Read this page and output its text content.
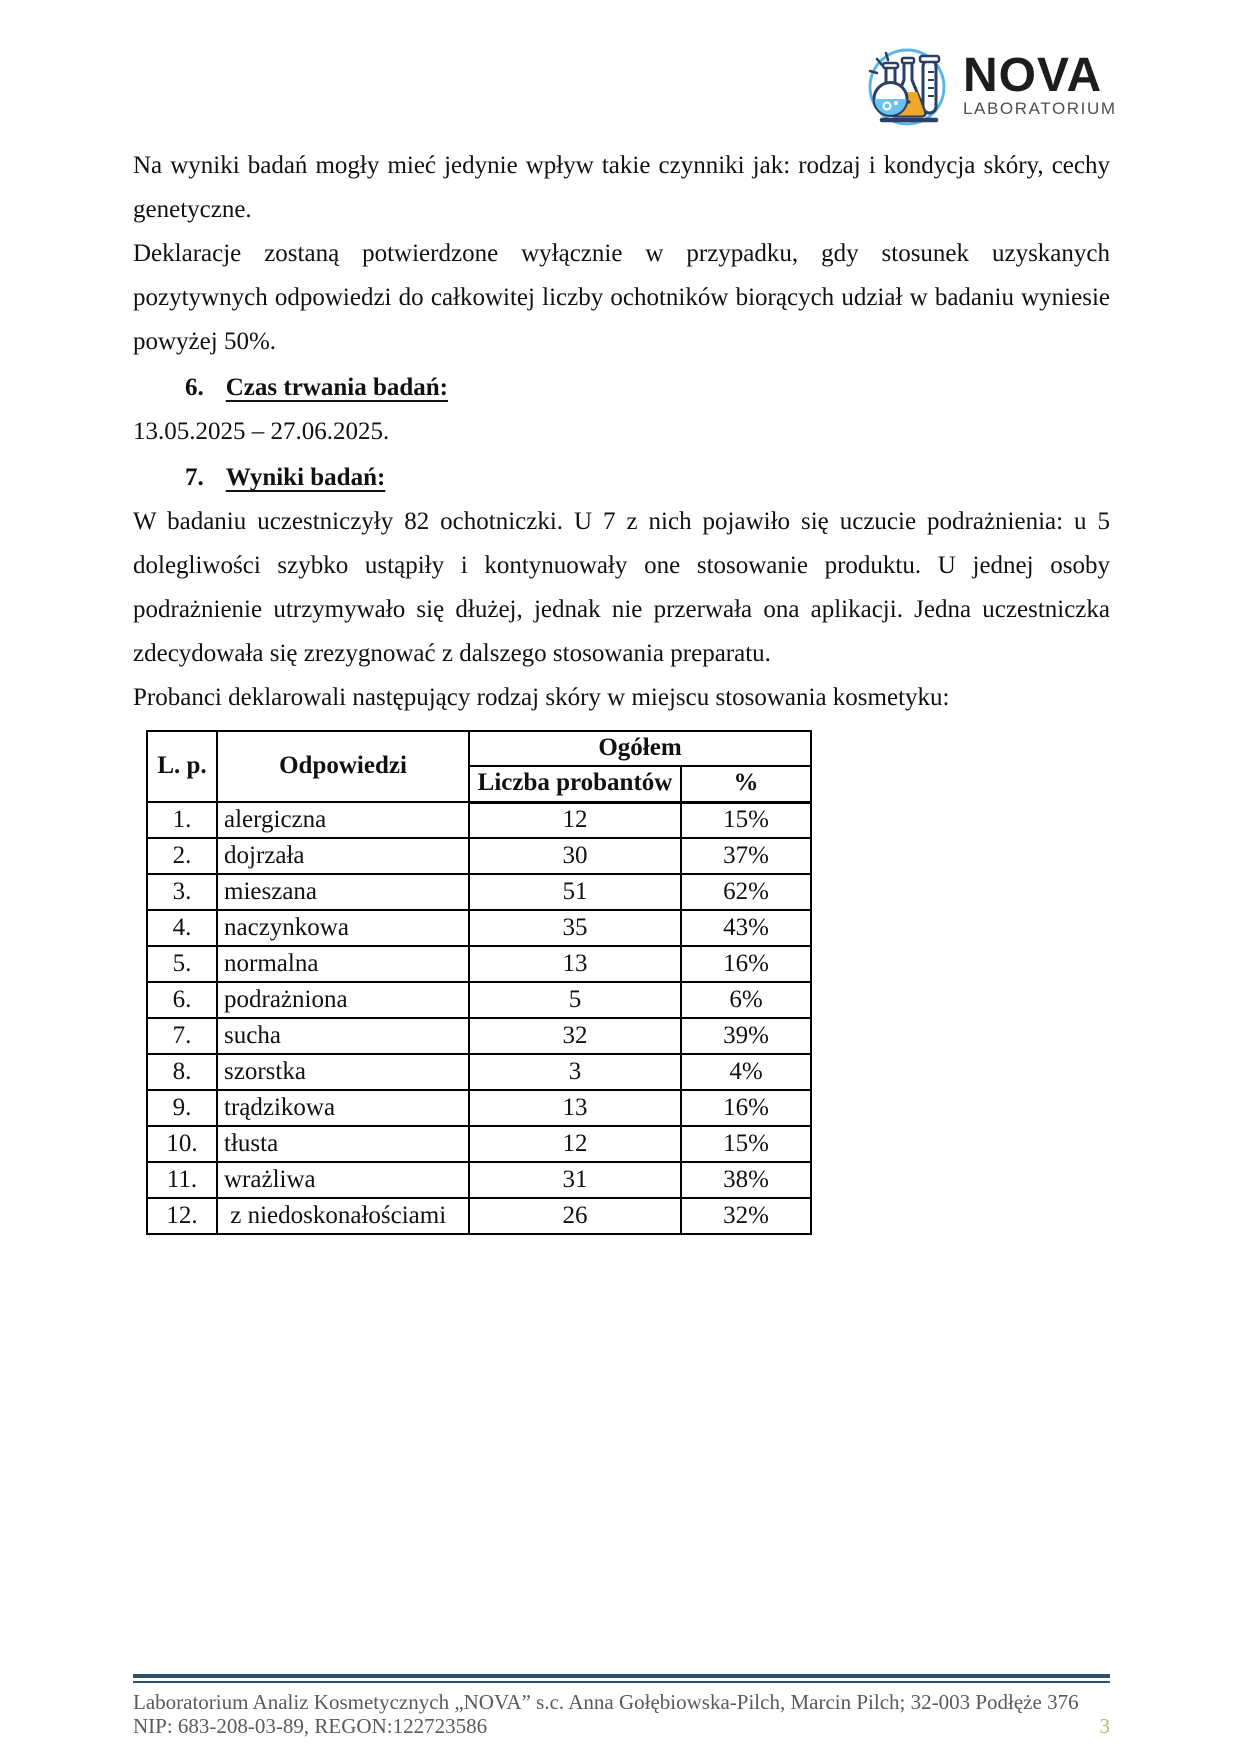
NOVA
LABORATORIUM

Na wyniki badań mogły mieć jedynie wpływ takie czynniki jak: rodzaj i kondycja skóry, cechy genetyczne.

Deklaracje zostaną potwierdzone wyłącznie w przypadku, gdy stosunek uzyskanych pozytywnych odpowiedzi do całkowitej liczby ochotników biorących udział w badaniu wyniesie powyżej 50%.

6. Czas trwania badań:

13.05.2025 – 27.06.2025.

7. Wyniki badań:

W badaniu uczestniczyły 82 ochotniczki. U 7 z nich pojawiło się uczucie podrażnienia: u 5 dolegliwości szybko ustąpiły i kontynuowały one stosowanie produktu. U jednej osoby podrażnienie utrzymywało się dłużej, jednak nie przerwała ona aplikacji. Jedna uczestniczka zdecydowała się zrezygnować z dalszego stosowania preparatu.

Probanci deklarowali następujący rodzaj skóry w miejscu stosowania kosmetyku:

L. p.	Odpowiedzi	Ogółem	
		Liczba probantów	%
1.	alergiczna	12	15%
2.	dojrzała	30	37%
3.	mieszana	51	62%
4.	naczynkowa	35	43%
5.	normalna	13	16%
6.	podrażniona	5	6%
7.	sucha	32	39%
8.	szorstka	3	4%
9.	trądzikowa	13	16%
10.	tłusta	12	15%
11.	wrażliwa	31	38%
12.	z niedoskonałościami	26	32%
Laboratorium Analiz Kosmetycznych „NOVA” s.c. Anna Gołębiowska-Pilch, Marcin Pilch; 32-003 Podłęże 376
NIP: 683-208-03-89, REGON:122723586	3
